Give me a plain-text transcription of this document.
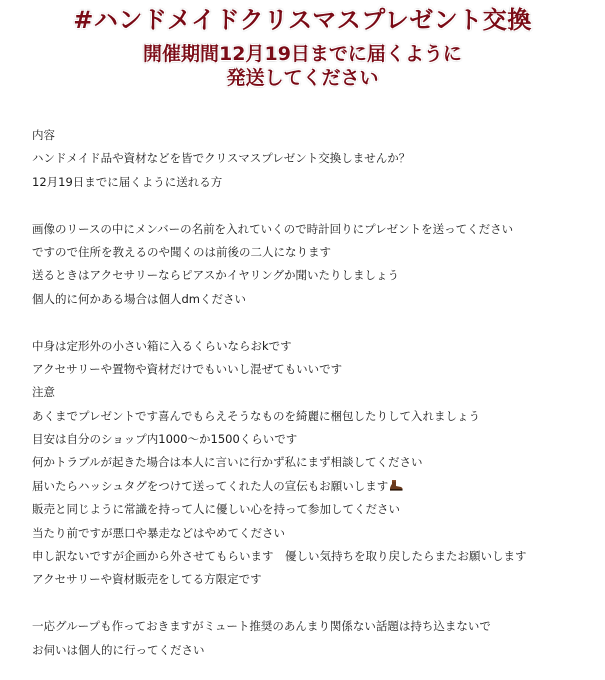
#ハンドメイドクリスマスプレゼント交換
開催期間12月19日までに届くように
発送してください
内容
ハンドメイド品や資材などを皆でクリスマスプレゼント交換しませんか？
12月19日までに届くように送れる方
画像のリースの中にメンバーの名前を入れていくので時計回りにプレゼントを送ってください
ですので住所を教えるのや聞くのは前後の二人になります
送るときはアクセサリーならピアスかイヤリングか聞いたりしましょう
個人的に何かある場合は個人dmください
中身は定形外の小さい箱に入るくらいならおkです
アクセサリーや置物や資材だけでもいいし混ぜてもいいです
注意
あくまでプレゼントです喜んでもらえそうなものを綺麗に梱包したりして入れましょう
目安は自分のショップ内1000〜か1500くらいです
何かトラブルが起きた場合は本人に言いに行かず私にまず相談してください
届いたらハッシュタグをつけて送ってくれた人の宣伝もお願いします
販売と同じように常識を持って人に優しい心を持って参加してください
当たり前ですが悪口や暴走などはやめてください
申し訳ないですが企画から外させてもらいます　優しい気持ちを取り戻したらまたお願いします
アクセサリーや資材販売をしてる方限定です
一応グループも作っておきますがミュート推奨のあんまり関係ない話題は持ち込まないで
お伺いは個人的に行ってください
